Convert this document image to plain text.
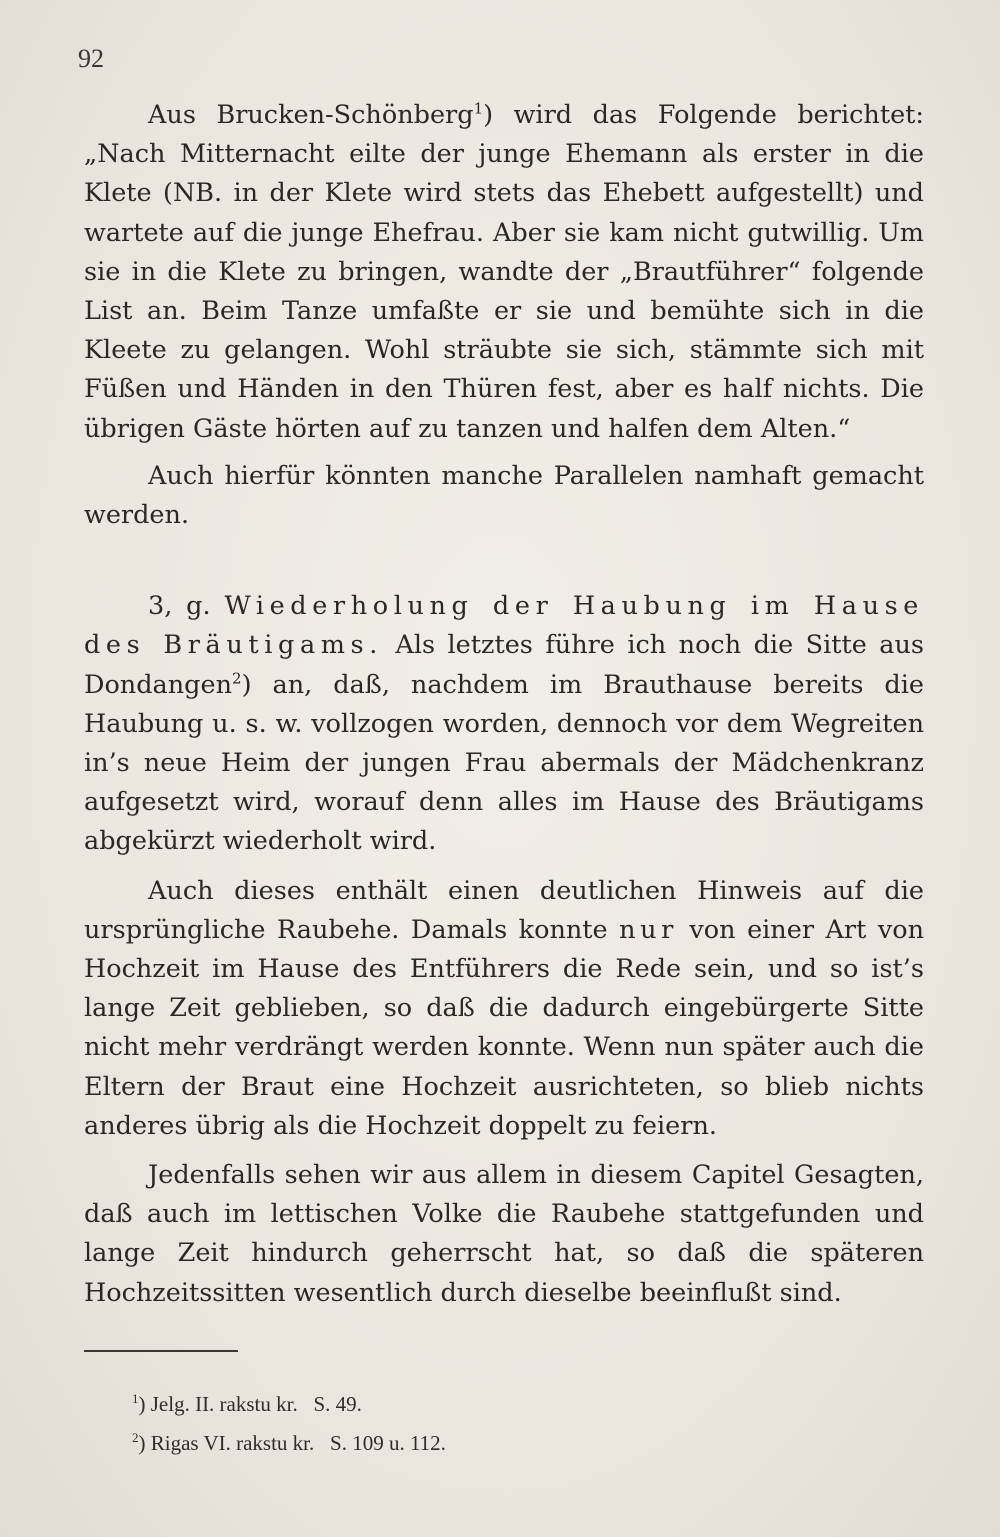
92

Aus Brucken-Schönberg$^1$) wird das Folgende berichtet: „Nach Mitternacht eilte der junge Ehemann als erster in die Klete (NB. in der Klete wird stets das Ehebett aufgestellt) und wartete auf die junge Ehefrau. Aber sie kam nicht gutwillig. Um sie in die Klete zu bringen, wandte der „Brautführer“ folgende List an. Beim Tanze umfaßte er sie und bemühte sich in die Kleete zu gelangen. Wohl sträubte sie sich, stämmte sich mit Füßen und Händen in den Thüren fest, aber es half nichts. Die übrigen Gäste hörten auf zu tanzen und halfen dem Alten.“

Auch hierfür könnten manche Parallelen namhaft gemacht werden.

3, g. Wiederholung der Haubung im Hause des Bräutigams. Als letztes führe ich noch die Sitte aus Dondangen$^2$) an, daß, nachdem im Brauthause bereits die Haubung u. s. w. vollzogen worden, dennoch vor dem Wegreiten in’s neue Heim der jungen Frau abermals der Mädchenkranz aufgesetzt wird, worauf denn alles im Hause des Bräutigams abgekürzt wiederholt wird.

Auch dieses enthält einen deutlichen Hinweis auf die ursprüngliche Raubehe. Damals konnte nur von einer Art von Hochzeit im Hause des Entführers die Rede sein, und so ist’s lange Zeit geblieben, so daß die dadurch eingebürgerte Sitte nicht mehr verdrängt werden konnte. Wenn nun später auch die Eltern der Braut eine Hochzeit ausrichteten, so blieb nichts anderes übrig als die Hochzeit doppelt zu feiern.

Jedenfalls sehen wir aus allem in diesem Capitel Gesagten, daß auch im lettischen Volke die Raubehe stattgefunden und lange Zeit hindurch geherrscht hat, so daß die späteren Hochzeitssitten wesentlich durch dieselbe beeinflußt sind.

$^1$) Jelg. II. rakstu kr.   S. 49.

$^2$) Rigas VI. rakstu kr.   S. 109 u. 112.
